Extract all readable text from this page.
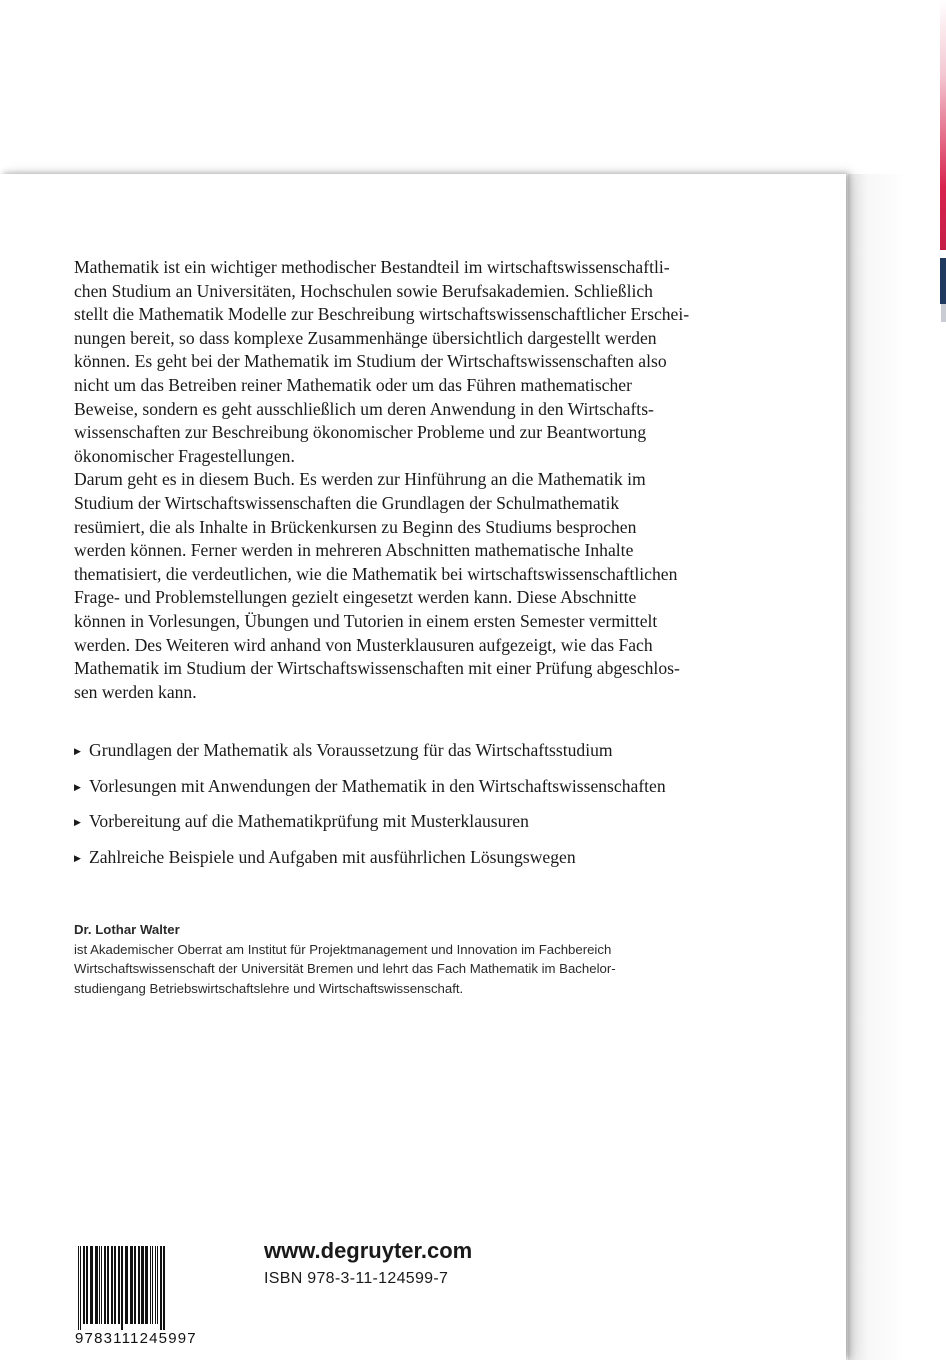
Mathematik ist ein wichtiger methodischer Bestandteil im wirtschaftswissenschaftli-
chen Studium an Universitäten, Hochschulen sowie Berufsakademien. Schließlich
stellt die Mathematik Modelle zur Beschreibung wirtschaftswissenschaftlicher Erschei-
nungen bereit, so dass komplexe Zusammenhänge übersichtlich dargestellt werden
können. Es geht bei der Mathematik im Studium der Wirtschaftswissenschaften also
nicht um das Betreiben reiner Mathematik oder um das Führen mathematischer
Beweise, sondern es geht ausschließlich um deren Anwendung in den Wirtschafts-
wissenschaften zur Beschreibung ökonomischer Probleme und zur Beantwortung
ökonomischer Fragestellungen.

Darum geht es in diesem Buch. Es werden zur Hinführung an die Mathematik im
Studium der Wirtschaftswissenschaften die Grundlagen der Schulmathematik
resümiert, die als Inhalte in Brückenkursen zu Beginn des Studiums besprochen
werden können. Ferner werden in mehreren Abschnitten mathematische Inhalte
thematisiert, die verdeutlichen, wie die Mathematik bei wirtschaftswissenschaftlichen
Frage- und Problemstellungen gezielt eingesetzt werden kann. Diese Abschnitte
können in Vorlesungen, Übungen und Tutorien in einem ersten Semester vermittelt
werden. Des Weiteren wird anhand von Musterklausuren aufgezeigt, wie das Fach
Mathematik im Studium der Wirtschaftswissenschaften mit einer Prüfung abgeschlos-
sen werden kann.

▶ Grundlagen der Mathematik als Voraussetzung für das Wirtschaftsstudium
▶ Vorlesungen mit Anwendungen der Mathematik in den Wirtschaftswissenschaften
▶ Vorbereitung auf die Mathematikprüfung mit Musterklausuren
▶ Zahlreiche Beispiele und Aufgaben mit ausführlichen Lösungswegen
Dr. Lothar Walter
ist Akademischer Oberrat am Institut für Projektmanagement und Innovation im Fachbereich
Wirtschaftswissenschaft der Universität Bremen und lehrt das Fach Mathematik im Bachelor-
studiengang Betriebswirtschaftslehre und Wirtschaftswissenschaft.
9783111245997
www.degruyter.com
ISBN 978-3-11-124599-7
